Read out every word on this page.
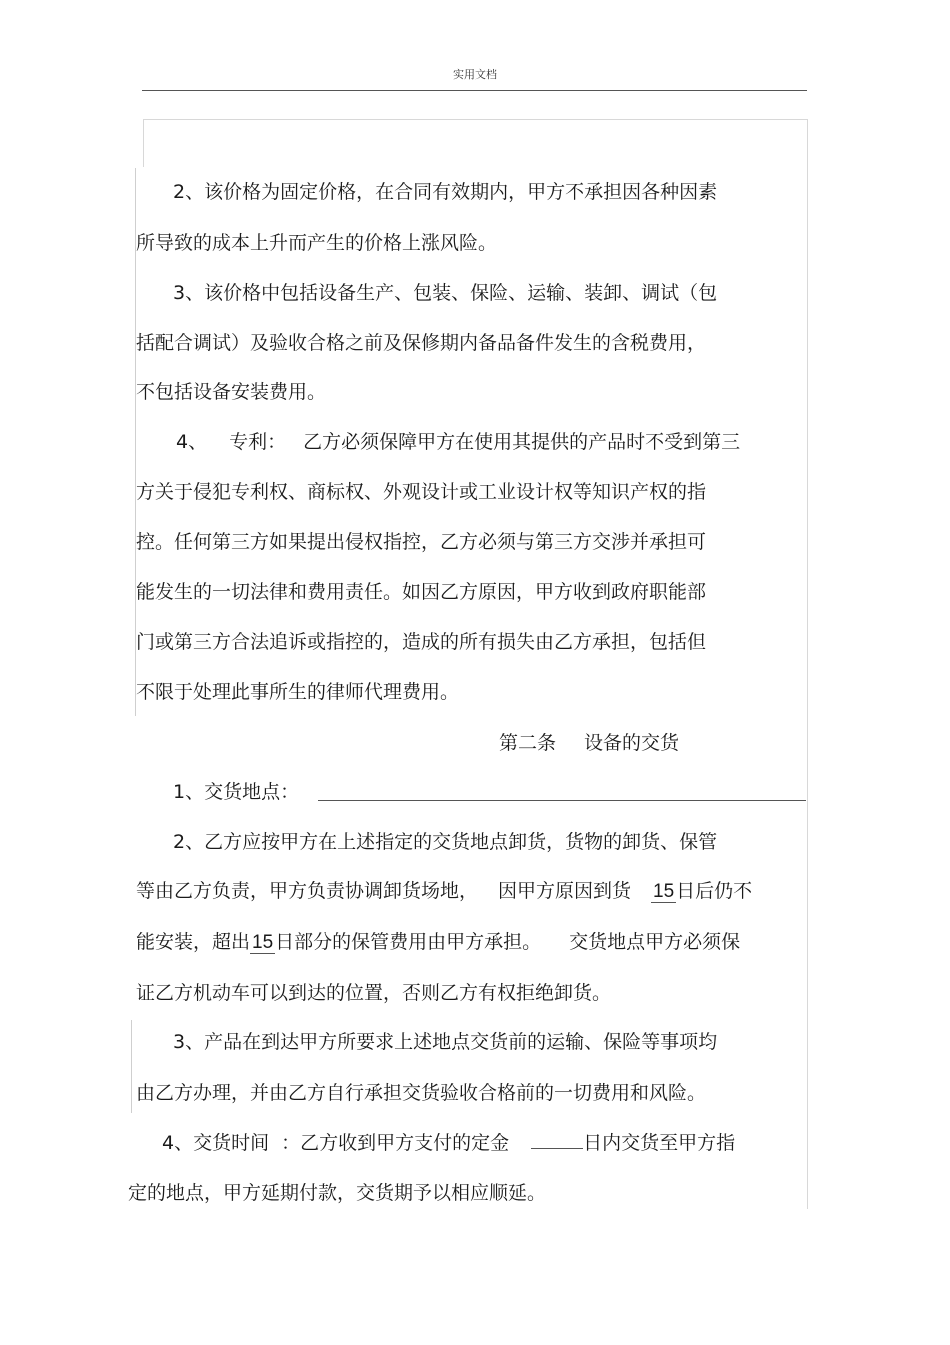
实用文档
2、该价格为固定价格，在合同有效期内，甲方不承担因各种因素
所导致的成本上升而产生的价格上涨风险。
3、该价格中包括设备生产、包装、保险、运输、装卸、调试（包
括配合调试）及验收合格之前及保修期内备品备件发生的含税费用，
不包括设备安装费用。
4、 专利： 乙方必须保障甲方在使用其提供的产品时不受到第三
方关于侵犯专利权、商标权、外观设计或工业设计权等知识产权的指
控。任何第三方如果提出侵权指控，乙方必须与第三方交涉并承担可
能发生的一切法律和费用责任。如因乙方原因，甲方收到政府职能部
门或第三方合法追诉或指控的，造成的所有损失由乙方承担，包括但
不限于处理此事所生的律师代理费用。
第二条 设备的交货
1、交货地点：
2、乙方应按甲方在上述指定的交货地点卸货，货物的卸货、保管
等由乙方负责，甲方负责协调卸货场地， 因甲方原因到货 15 日后仍不
能安装，超出 15 日部分的保管费用由甲方承担。 交货地点甲方必须保
证乙方机动车可以到达的位置，否则乙方有权拒绝卸货。
3、产品在到达甲方所要求上述地点交货前的运输、保险等事项均
由乙方办理，并由乙方自行承担交货验收合格前的一切费用和风险。
4、交货时间 ：乙方收到甲方支付的定金	日内交货至甲方指
定的地点，甲方延期付款，交货期予以相应顺延。
